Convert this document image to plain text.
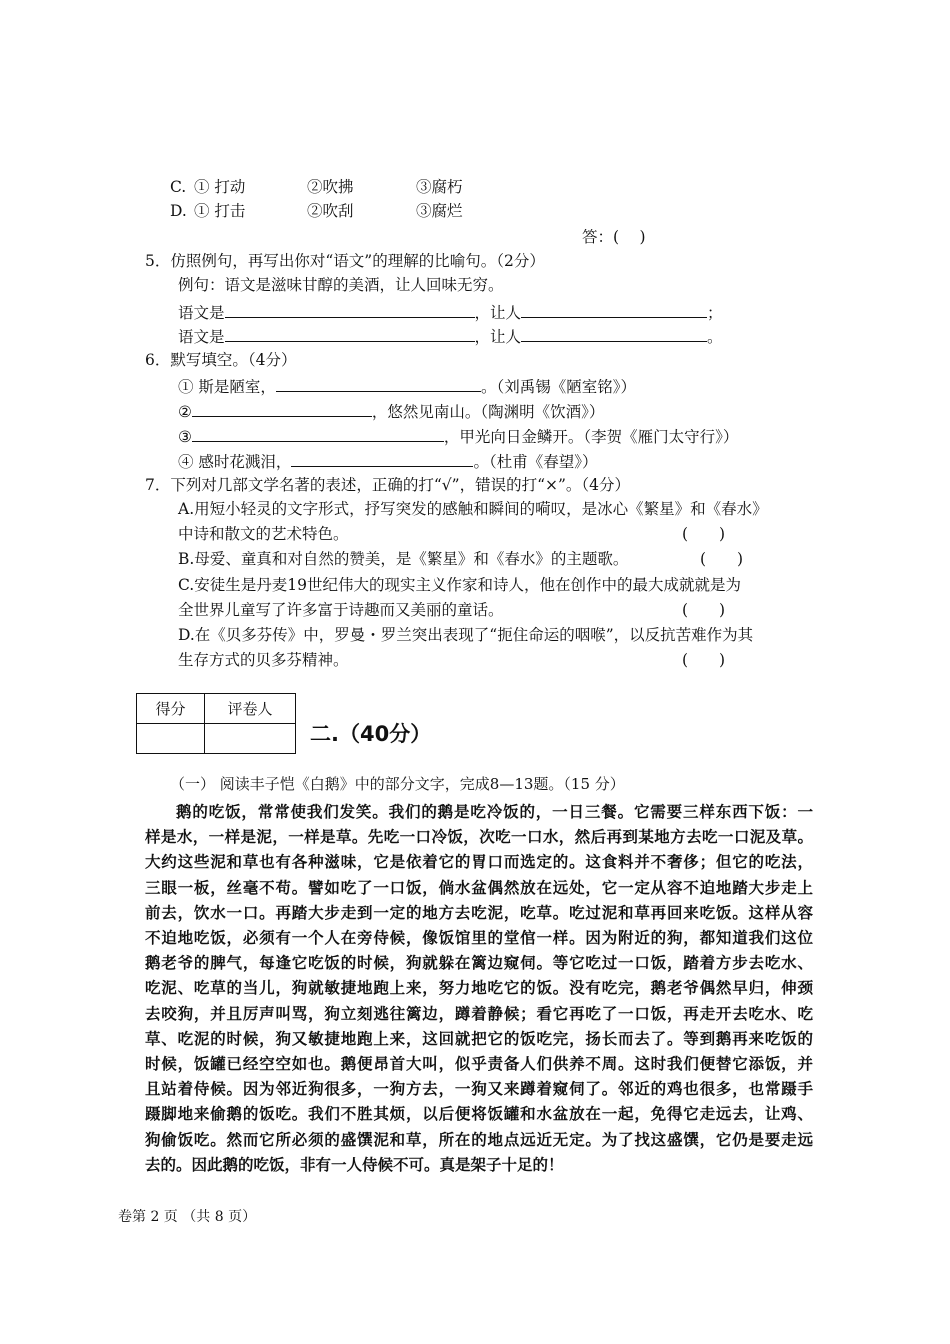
C. ① 打动	②吹拂	③腐朽
D. ① 打击	②吹刮	③腐烂
答：(　 )
5．仿照例句，再写出你对“语文”的理解的比喻句。（2分）
例句：语文是滋味甘醇的美酒，让人回味无穷。
语文是	，让人	；
语文是	，让人	。
6．默写填空。（4分）
① 斯是陋室，	。（刘禹锡《陋室铭》）
②	，悠然见南山。（陶渊明《饮酒》）
③	，甲光向日金鳞开。（李贺《雁门太守行》）
④ 感时花溅泪，	。（杜甫《春望》）
7．下列对几部文学名著的表述，正确的打“√”，错误的打“×”。（4分）
A.用短小轻灵的文字形式，抒写突发的感触和瞬间的嗬叹，是冰心《繁星》和《春水》
中诗和散文的艺术特色。	(　　)
B.母爱、童真和对自然的赞美，是《繁星》和《春水》的主题歌。	(　　)
C.安徒生是丹麦19世纪伟大的现实主义作家和诗人，他在创作中的最大成就就是为
全世界儿童写了许多富于诗趣而又美丽的童话。	(　　)
D.在《贝多芬传》中，罗曼・罗兰突出表现了“扼住命运的咽喉”，以反抗苦难作为其
生存方式的贝多芬精神。	(　　)
得分	评卷人

二.（40分）
（一） 阅读丰子恺《白鹅》中的部分文字，完成8—13题。（15 分）
鹅的吃饭，常常使我们发笑。我们的鹅是吃冷饭的，一日三餐。它需要三样东西下饭：一
样是水，一样是泥，一样是草。先吃一口冷饭，次吃一口水，然后再到某地方去吃一口泥及草。
大约这些泥和草也有各种滋味，它是依着它的胃口而选定的。这食料并不奢侈；但它的吃法，
三眼一板，丝毫不苟。譬如吃了一口饭，倘水盆偶然放在远处，它一定从容不迫地踏大步走上
前去，饮水一口。再踏大步走到一定的地方去吃泥，吃草。吃过泥和草再回来吃饭。这样从容
不迫地吃饭，必须有一个人在旁侍候，像饭馆里的堂倌一样。因为附近的狗，都知道我们这位
鹅老爷的脾气，每逢它吃饭的时候，狗就躲在篱边窥伺。等它吃过一口饭，踏着方步去吃水、
吃泥、吃草的当儿，狗就敏捷地跑上来，努力地吃它的饭。没有吃完，鹅老爷偶然早归，伸颈
去咬狗，并且厉声叫骂，狗立刻逃往篱边，蹲着静候；看它再吃了一口饭，再走开去吃水、吃
草、吃泥的时候，狗又敏捷地跑上来，这回就把它的饭吃完，扬长而去了。等到鹅再来吃饭的
时候，饭罐已经空空如也。鹅便昂首大叫，似乎责备人们供养不周。这时我们便替它添饭，并
且站着侍候。因为邻近狗很多，一狗方去，一狗又来蹲着窥伺了。邻近的鸡也很多，也常蹑手
蹑脚地来偷鹅的饭吃。我们不胜其烦，以后便将饭罐和水盆放在一起，免得它走远去，让鸡、
狗偷饭吃。然而它所必须的盛馔泥和草，所在的地点远近无定。为了找这盛馔，它仍是要走远
去的。因此鹅的吃饭，非有一人侍候不可。真是架子十足的！
卷第 2 页 （共 8 页）
